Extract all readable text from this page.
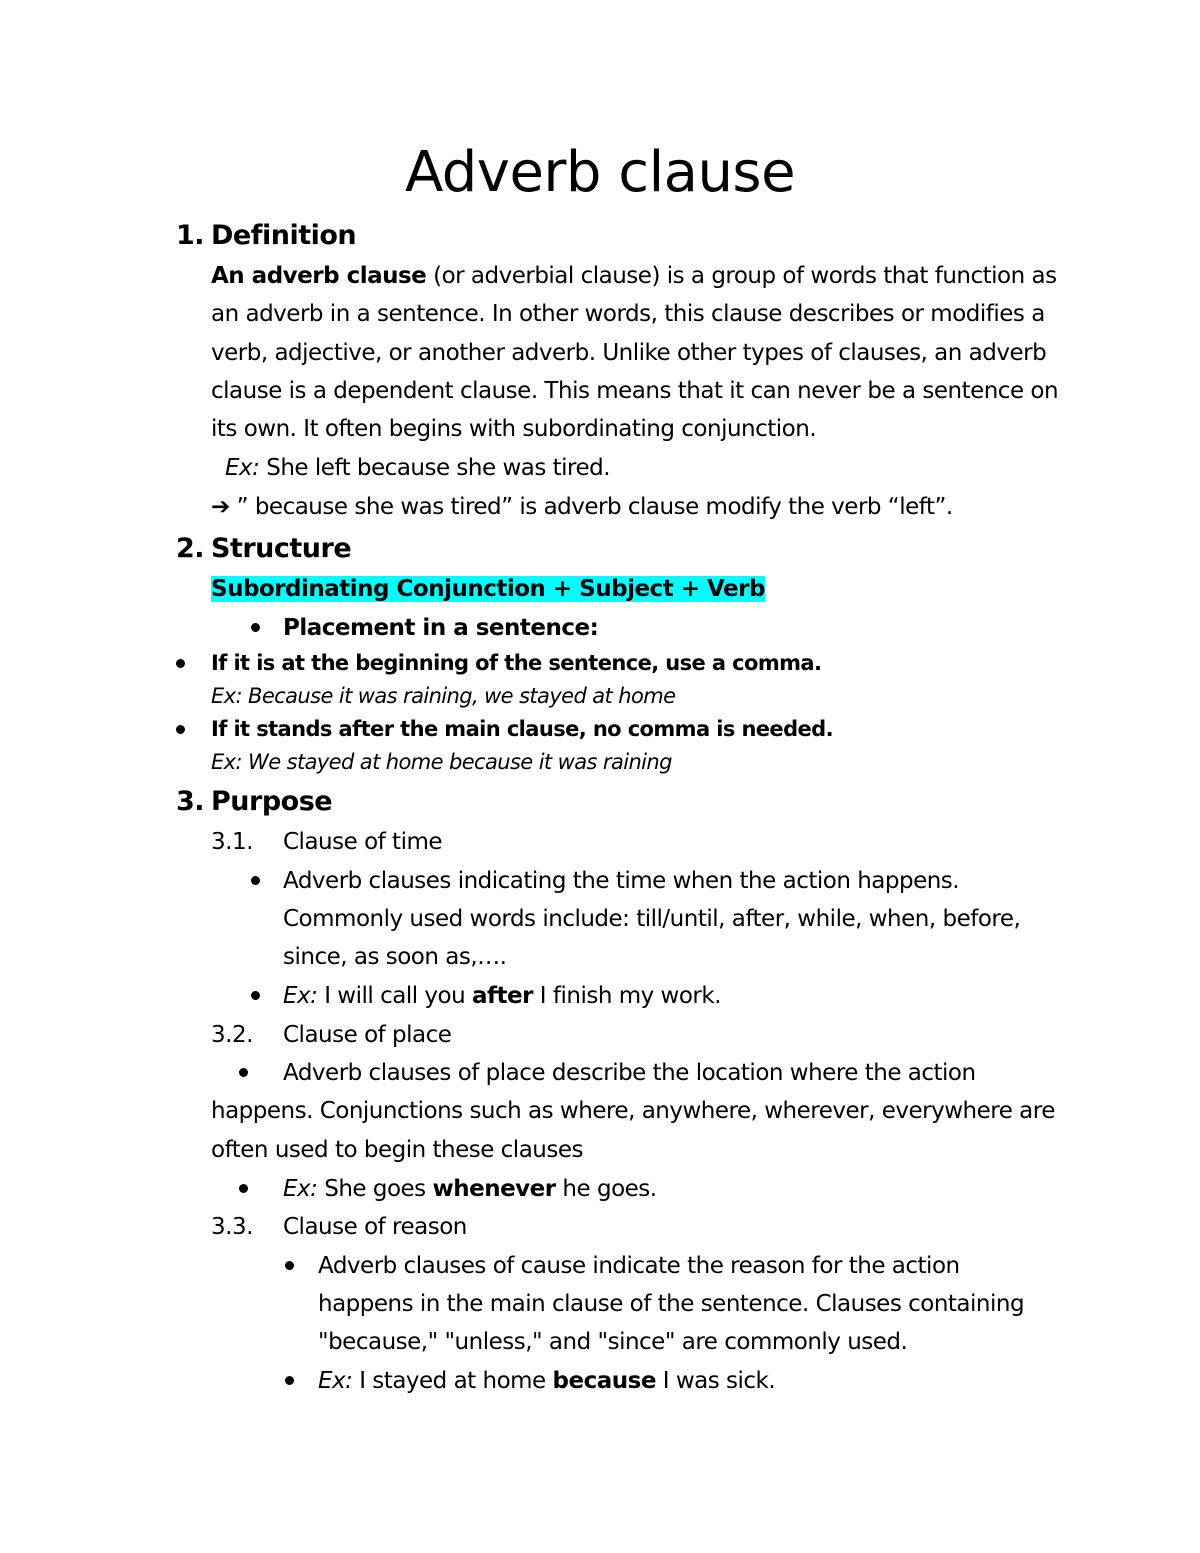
Adverb clause
1. Definition
An adverb clause (or adverbial clause) is a group of words that function as
an adverb in a sentence. In other words, this clause describes or modifies a
verb, adjective, or another adverb. Unlike other types of clauses, an adverb
clause is a dependent clause. This means that it can never be a sentence on
its own. It often begins with subordinating conjunction.
Ex: She left because she was tired.
➔ ” because she was tired” is adverb clause modify the verb “left”.
2. Structure
Subordinating Conjunction + Subject + Verb
Placement in a sentence:
If it is at the beginning of the sentence, use a comma.
Ex: Because it was raining, we stayed at home
If it stands after the main clause, no comma is needed.
Ex: We stayed at home because it was raining
3. Purpose
3.1. Clause of time
Adverb clauses indicating the time when the action happens.
Commonly used words include: till/until, after, while, when, before,
since, as soon as,….
Ex: I will call you after I finish my work.
3.2. Clause of place
Adverb clauses of place describe the location where the action
happens. Conjunctions such as where, anywhere, wherever, everywhere are
often used to begin these clauses
Ex: She goes whenever he goes.
3.3. Clause of reason
Adverb clauses of cause indicate the reason for the action
happens in the main clause of the sentence. Clauses containing
"because," "unless," and "since" are commonly used.
Ex: I stayed at home because I was sick.
